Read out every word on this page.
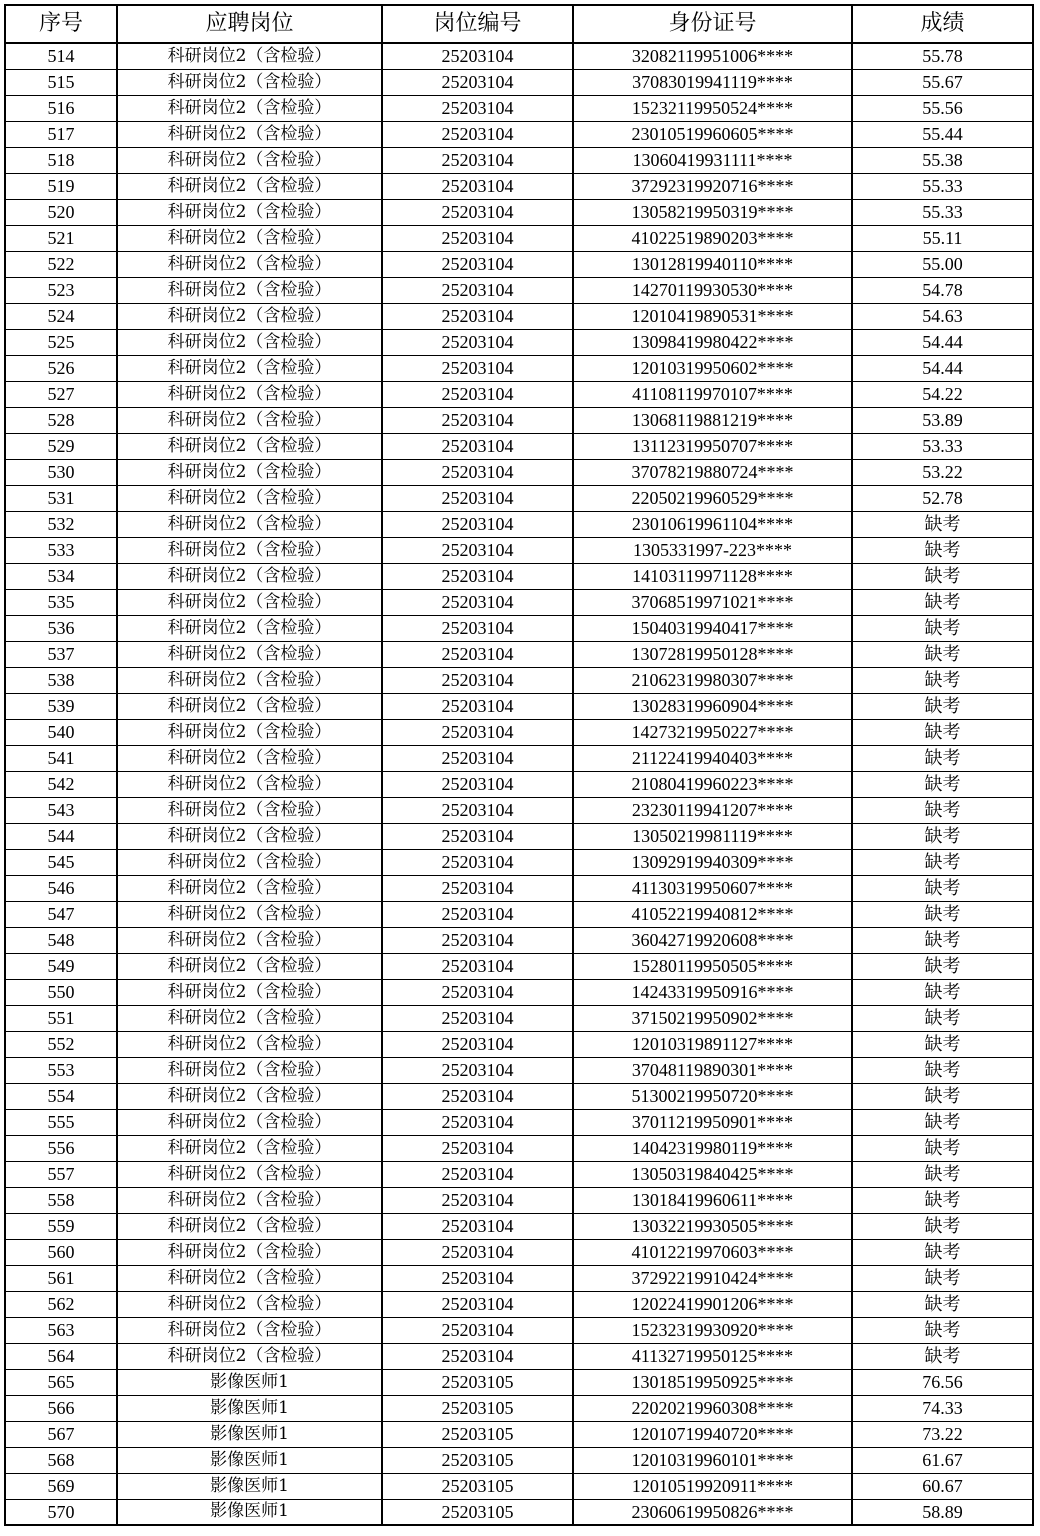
序号	应聘岗位	岗位编号	身份证号	成绩
514	科研岗位2（含检验）	25203104	32082119951006****	55.78
515	科研岗位2（含检验）	25203104	37083019941119****	55.67
516	科研岗位2（含检验）	25203104	15232119950524****	55.56
517	科研岗位2（含检验）	25203104	23010519960605****	55.44
518	科研岗位2（含检验）	25203104	13060419931111****	55.38
519	科研岗位2（含检验）	25203104	37292319920716****	55.33
520	科研岗位2（含检验）	25203104	13058219950319****	55.33
521	科研岗位2（含检验）	25203104	41022519890203****	55.11
522	科研岗位2（含检验）	25203104	13012819940110****	55.00
523	科研岗位2（含检验）	25203104	14270119930530****	54.78
524	科研岗位2（含检验）	25203104	12010419890531****	54.63
525	科研岗位2（含检验）	25203104	13098419980422****	54.44
526	科研岗位2（含检验）	25203104	12010319950602****	54.44
527	科研岗位2（含检验）	25203104	41108119970107****	54.22
528	科研岗位2（含检验）	25203104	13068119881219****	53.89
529	科研岗位2（含检验）	25203104	13112319950707****	53.33
530	科研岗位2（含检验）	25203104	37078219880724****	53.22
531	科研岗位2（含检验）	25203104	22050219960529****	52.78
532	科研岗位2（含检验）	25203104	23010619961104****	缺考
533	科研岗位2（含检验）	25203104	1305331997-223****	缺考
534	科研岗位2（含检验）	25203104	14103119971128****	缺考
535	科研岗位2（含检验）	25203104	37068519971021****	缺考
536	科研岗位2（含检验）	25203104	15040319940417****	缺考
537	科研岗位2（含检验）	25203104	13072819950128****	缺考
538	科研岗位2（含检验）	25203104	21062319980307****	缺考
539	科研岗位2（含检验）	25203104	13028319960904****	缺考
540	科研岗位2（含检验）	25203104	14273219950227****	缺考
541	科研岗位2（含检验）	25203104	21122419940403****	缺考
542	科研岗位2（含检验）	25203104	21080419960223****	缺考
543	科研岗位2（含检验）	25203104	23230119941207****	缺考
544	科研岗位2（含检验）	25203104	13050219981119****	缺考
545	科研岗位2（含检验）	25203104	13092919940309****	缺考
546	科研岗位2（含检验）	25203104	41130319950607****	缺考
547	科研岗位2（含检验）	25203104	41052219940812****	缺考
548	科研岗位2（含检验）	25203104	36042719920608****	缺考
549	科研岗位2（含检验）	25203104	15280119950505****	缺考
550	科研岗位2（含检验）	25203104	14243319950916****	缺考
551	科研岗位2（含检验）	25203104	37150219950902****	缺考
552	科研岗位2（含检验）	25203104	12010319891127****	缺考
553	科研岗位2（含检验）	25203104	37048119890301****	缺考
554	科研岗位2（含检验）	25203104	51300219950720****	缺考
555	科研岗位2（含检验）	25203104	37011219950901****	缺考
556	科研岗位2（含检验）	25203104	14042319980119****	缺考
557	科研岗位2（含检验）	25203104	13050319840425****	缺考
558	科研岗位2（含检验）	25203104	13018419960611****	缺考
559	科研岗位2（含检验）	25203104	13032219930505****	缺考
560	科研岗位2（含检验）	25203104	41012219970603****	缺考
561	科研岗位2（含检验）	25203104	37292219910424****	缺考
562	科研岗位2（含检验）	25203104	12022419901206****	缺考
563	科研岗位2（含检验）	25203104	15232319930920****	缺考
564	科研岗位2（含检验）	25203104	41132719950125****	缺考
565	影像医师1	25203105	13018519950925****	76.56
566	影像医师1	25203105	22020219960308****	74.33
567	影像医师1	25203105	12010719940720****	73.22
568	影像医师1	25203105	12010319960101****	61.67
569	影像医师1	25203105	12010519920911****	60.67
570	影像医师1	25203105	23060619950826****	58.89
